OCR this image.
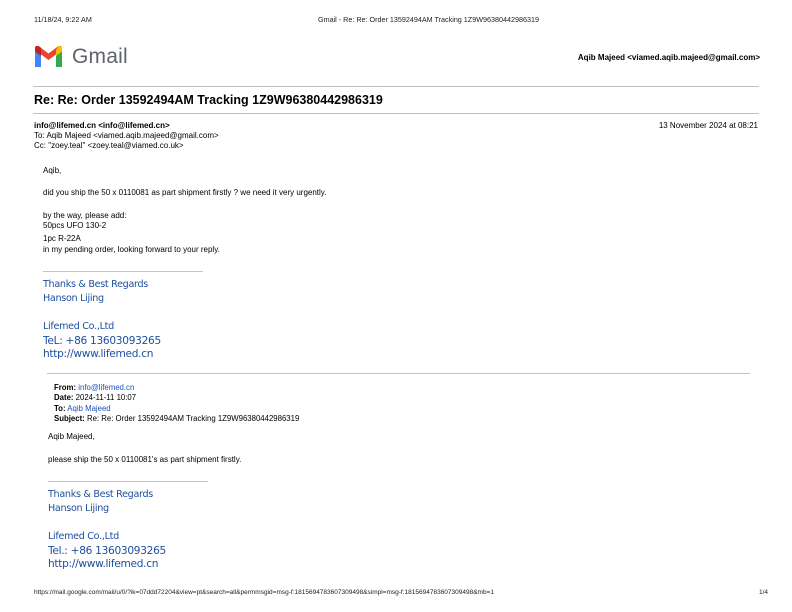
11/18/24, 9:22 AM	Gmail - Re: Re: Order 13592494AM Tracking 1Z9W96380442986319
Gmail	Aqib Majeed <viamed.aqib.majeed@gmail.com>
Re: Re: Order 13592494AM Tracking 1Z9W96380442986319
info@lifemed.cn <info@lifemed.cn>	13 November 2024 at 08:21
To: Aqib Majeed <viamed.aqib.majeed@gmail.com>
Cc: "zoey.teal" <zoey.teal@viamed.co.uk>
Aqib,
did you ship the 50 x 0110081 as part shipment firstly ? we need it very urgently.
by the way, please add:
50pcs UFO 130-2
1pc R-22A
in my pending order, looking forward to your reply.
Thanks & Best Regards
Hanson Lijing
Lifemed Co.,Ltd
TeL: +86 13603093265
http://www.lifemed.cn
From: info@lifemed.cn
Date: 2024-11-11 10:07
To: Aqib Majeed
Subject: Re: Re: Order 13592494AM Tracking 1Z9W96380442986319
Aqib Majeed,
please ship the 50 x 0110081's as part shipment firstly.
Thanks & Best Regards
Hanson Lijing
Lifemed Co.,Ltd
Tel.: +86 13603093265
http://www.lifemed.cn
https://mail.google.com/mail/u/0/?ik=07ddd72204&view=pt&search=all&permmsgid=msg-f:1815694783607309498&simpl=msg-f:1815694783607309498&mb=1	1/4
